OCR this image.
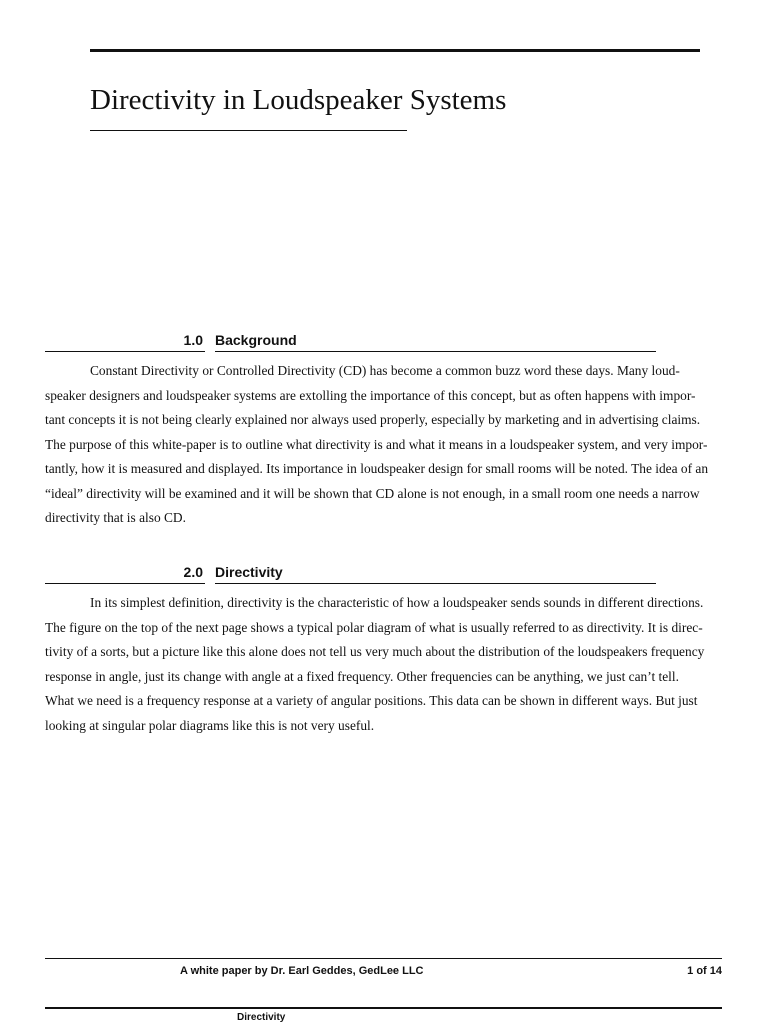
Directivity in Loudspeaker Systems
1.0 Background

Constant Directivity or Controlled Directivity (CD) has become a common buzz word these days. Many loud-
speaker designers and loudspeaker systems are extolling the importance of this concept, but as often happens with impor-
tant concepts it is not being clearly explained nor always used properly, especially by marketing and in advertising claims.
The purpose of this white-paper is to outline what directivity is and what it means in a loudspeaker system, and very impor-
tantly, how it is measured and displayed. Its importance in loudspeaker design for small rooms will be noted. The idea of an
“ideal” directivity will be examined and it will be shown that CD alone is not enough, in a small room one needs a narrow
directivity that is also CD.

2.0 Directivity

In its simplest definition, directivity is the characteristic of how a loudspeaker sends sounds in different directions.
The figure on the top of the next page shows a typical polar diagram of what is usually referred to as directivity. It is direc-
tivity of a sorts, but a picture like this alone does not tell us very much about the distribution of the loudspeakers frequency
response in angle, just its change with angle at a fixed frequency. Other frequencies can be anything, we just can’t tell.
What we need is a frequency response at a variety of angular positions. This data can be shown in different ways. But just
looking at singular polar diagrams like this is not very useful.

A white paper by Dr. Earl Geddes, GedLee LLC	1 of 14
Directivity
